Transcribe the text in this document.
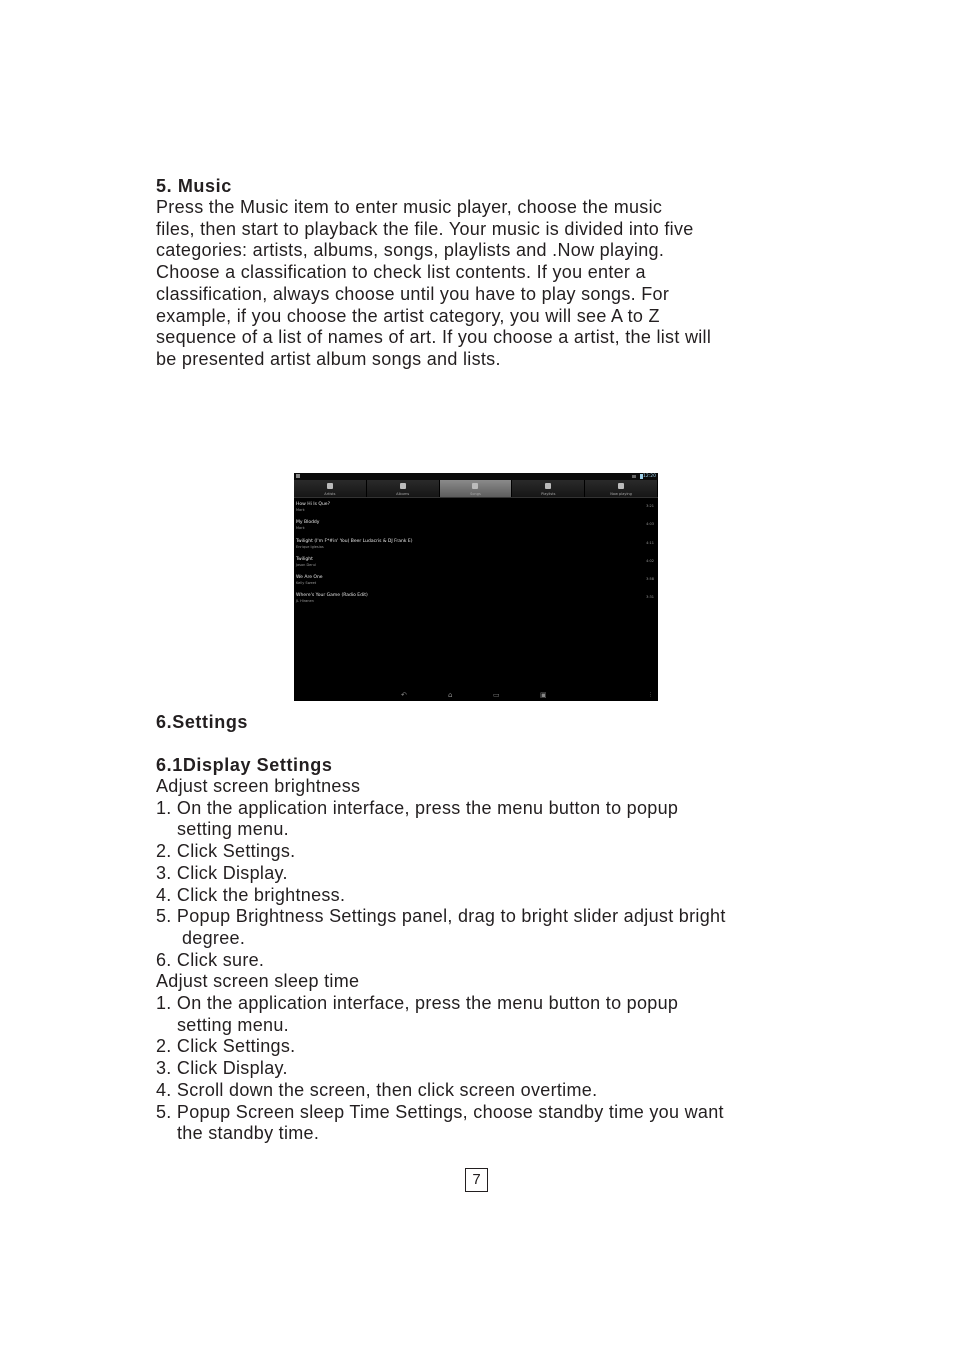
5. Music

Press the Music item to enter music player, choose the music
files, then start to playback the file. Your music is divided into five
categories: artists, albums, songs, playlists and .Now playing.
Choose a classification to check list contents. If you enter a
classification, always choose until you have to play songs. For
example, if you choose the artist category, you will see A to Z
sequence of a list of names of art. If you choose a artist, the list will
be presented artist album songs and lists.
12:20
Artists	Albums	Songs	Playlists	Now playing
How Hi Is Que?
Mark
3:21
My Bloddy
Mark
4:03
Twilight (I'm F*#in' You) Beer Ludacris & DJ Frank E)
Enrique Iglesias
4:11
Twilight
Jason Derul
4:02
We Are One
Kelly Sweet
3:58
Where's Your Game (Radio Edit)
JL Hiranen
3:31
↶	⌂	▭	▣	⋮

6.Settings

6.1Display Settings

Adjust screen brightness
1. On the application interface, press the menu button to popup
setting menu.
2. Click Settings.
3. Click Display.
4. Click the brightness.
5. Popup Brightness Settings panel, drag to bright slider adjust bright
degree.
6. Click sure.
Adjust screen sleep time
1. On the application interface, press the menu button to popup
setting menu.
2. Click Settings.
3. Click Display.
4. Scroll down the screen, then click screen overtime.
5. Popup Screen sleep Time Settings, choose standby time you want
the standby time.
7
